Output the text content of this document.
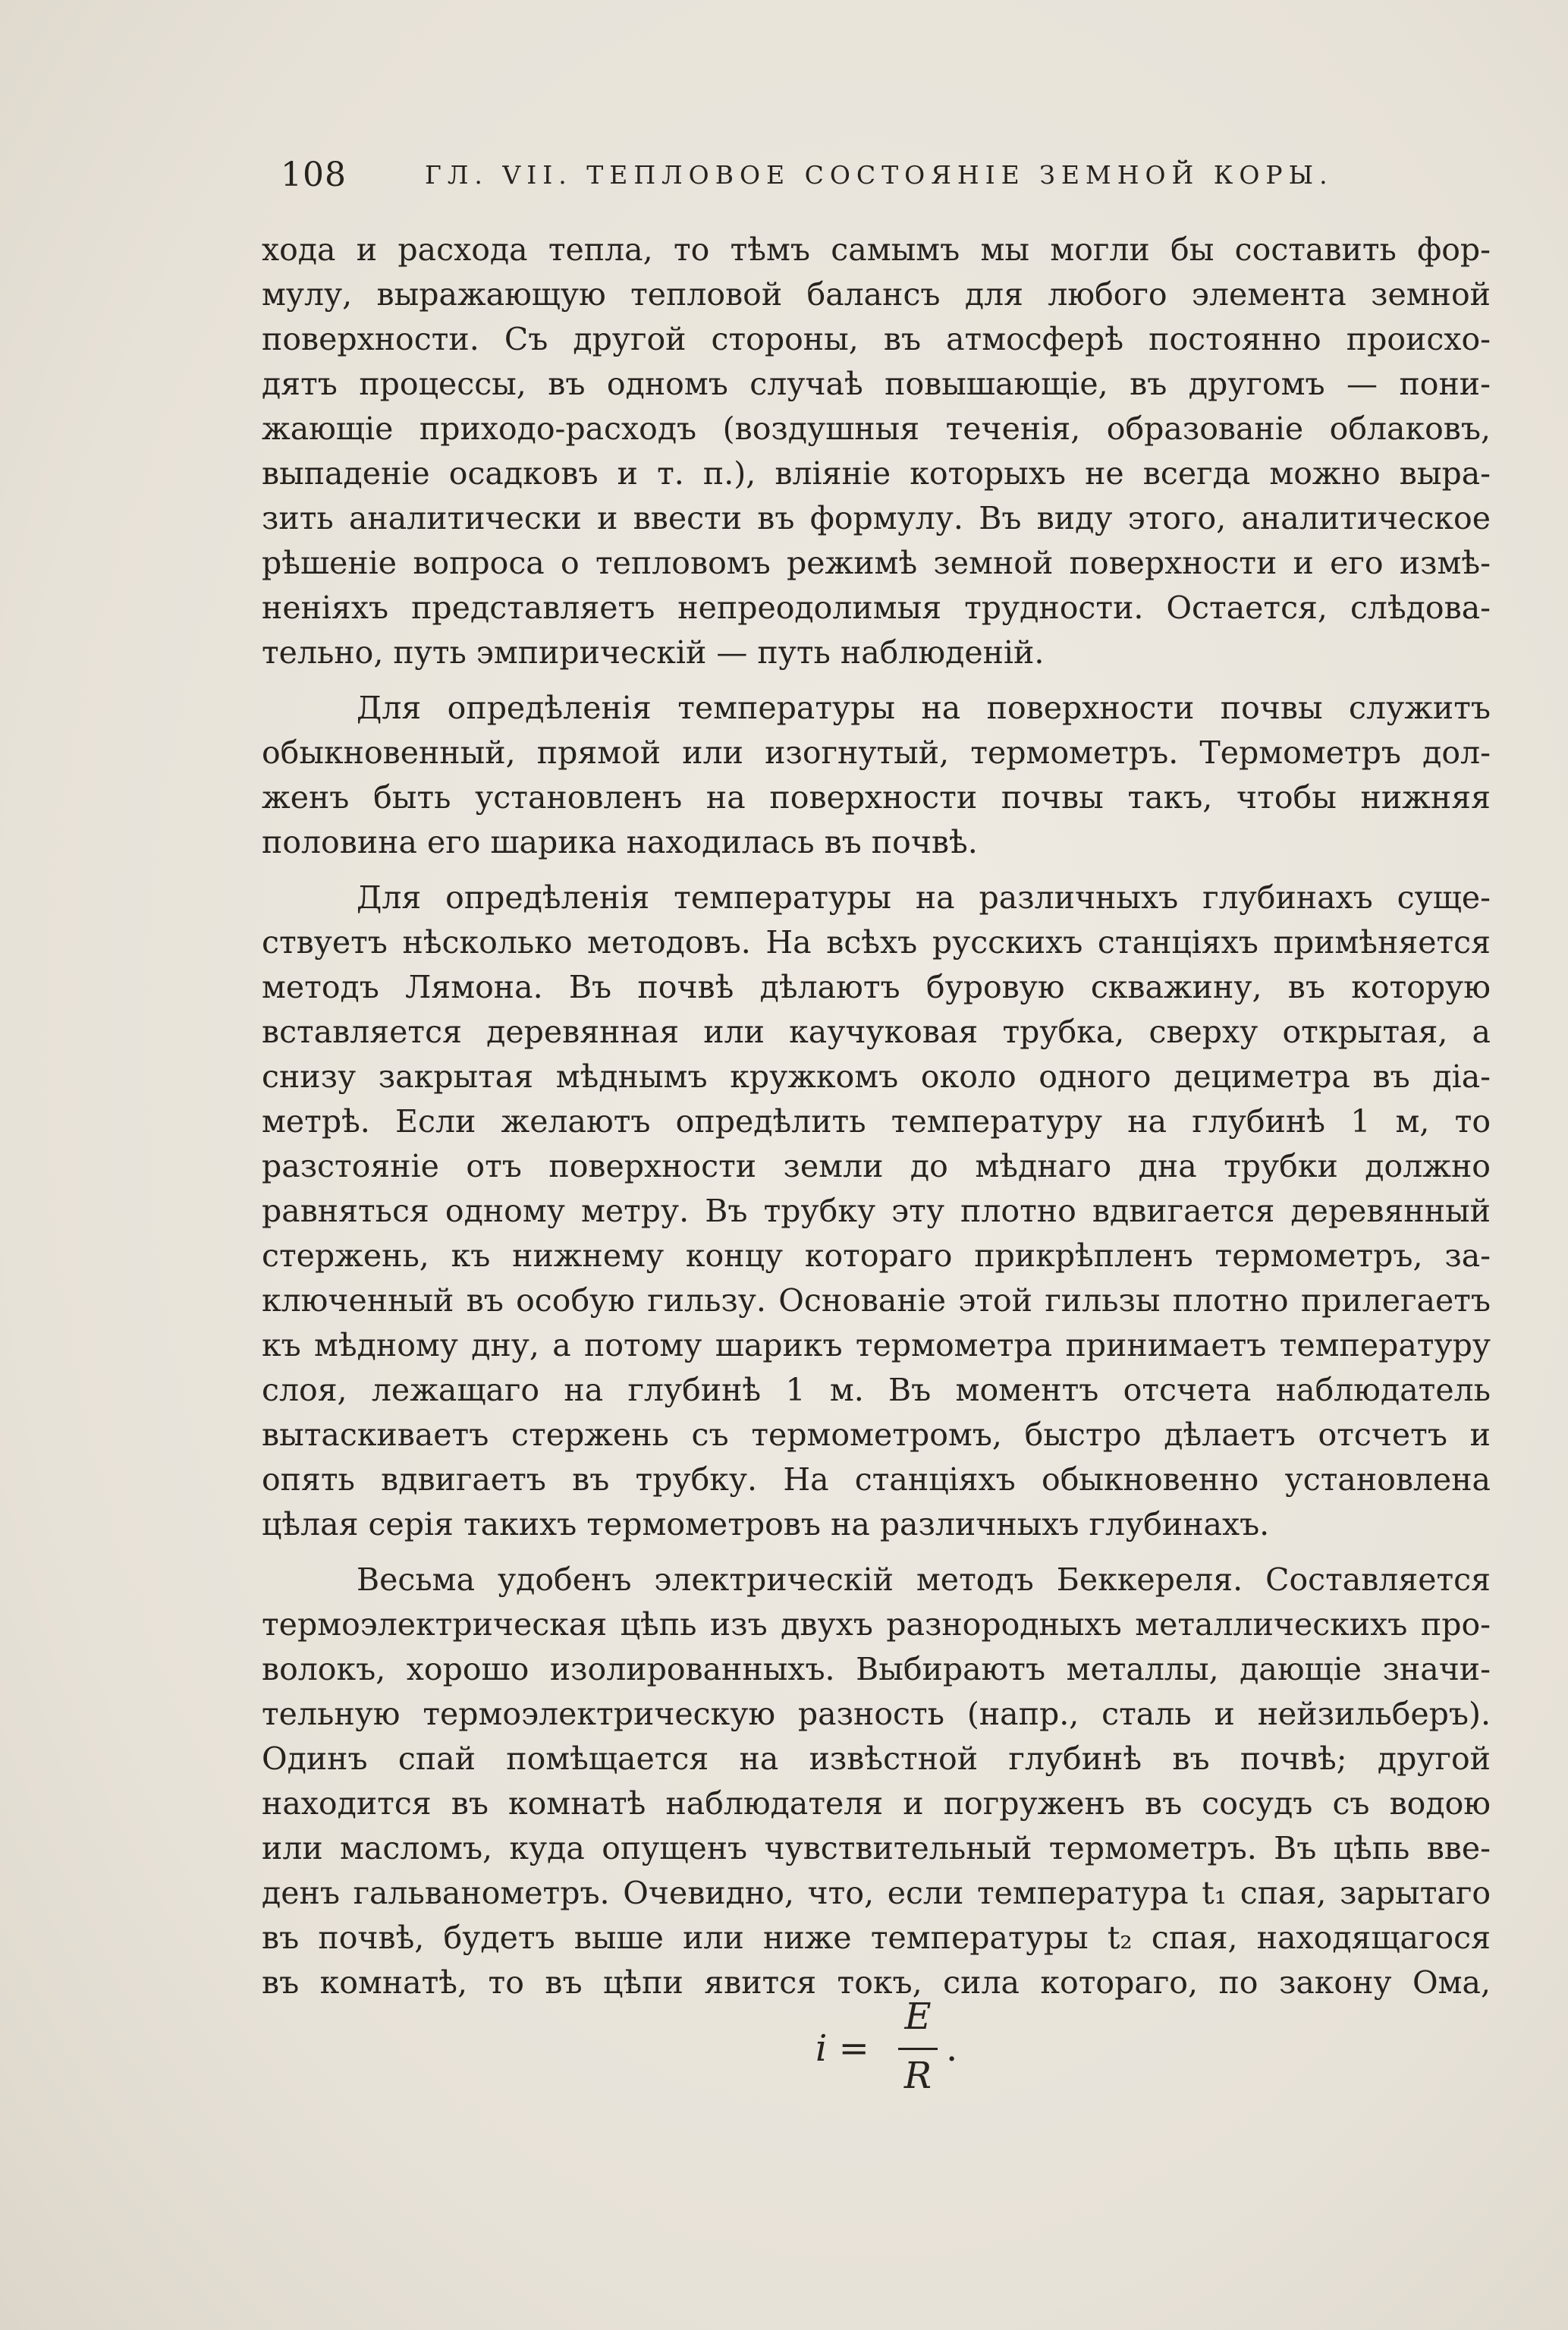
108	ГЛ. VII. ТЕПЛОВОЕ СОСТОЯНІЕ ЗЕМНОЙ КОРЫ.
хода и расхода тепла, то тѣмъ самымъ мы могли бы составить фор-
мулу, выражающую тепловой балансъ для любого элемента земной
поверхности. Съ другой стороны, въ атмосферѣ постоянно происхо-
дятъ процессы, въ одномъ случаѣ повышающіе, въ другомъ — пони-
жающіе приходо-расходъ (воздушныя теченія, образованіе облаковъ,
выпаденіе осадковъ и т. п.), вліяніе которыхъ не всегда можно выра-
зить аналитически и ввести въ формулу. Въ виду этого, аналитическое
рѣшеніе вопроса о тепловомъ режимѣ земной поверхности и его измѣ-
неніяхъ представляетъ непреодолимыя трудности. Остается, слѣдова-
тельно, путь эмпирическій — путь наблюденій.
Для опредѣленія температуры на поверхности почвы служитъ
обыкновенный, прямой или изогнутый, термометръ. Термометръ дол-
женъ быть установленъ на поверхности почвы такъ, чтобы нижняя
половина его шарика находилась въ почвѣ.
Для опредѣленія температуры на различныхъ глубинахъ суще-
ствуетъ нѣсколько методовъ. На всѣхъ русскихъ станціяхъ примѣняется
методъ Лямона. Въ почвѣ дѣлаютъ буровую скважину, въ которую
вставляется деревянная или каучуковая трубка, сверху открытая, а
снизу закрытая мѣднымъ кружкомъ около одного дециметра въ діа-
метрѣ. Если желаютъ опредѣлить температуру на глубинѣ 1 м, то
разстояніе отъ поверхности земли до мѣднаго дна трубки должно
равняться одному метру. Въ трубку эту плотно вдвигается деревянный
стержень, къ нижнему концу котораго прикрѣпленъ термометръ, за-
ключенный въ особую гильзу. Основаніе этой гильзы плотно прилегаетъ
къ мѣдному дну, а потому шарикъ термометра принимаетъ температуру
слоя, лежащаго на глубинѣ 1 м. Въ моментъ отсчета наблюдатель
вытаскиваетъ стержень съ термометромъ, быстро дѣлаетъ отсчетъ и
опять вдвигаетъ въ трубку. На станціяхъ обыкновенно установлена
цѣлая серія такихъ термометровъ на различныхъ глубинахъ.
Весьма удобенъ электрическій методъ Беккереля. Составляется
термоэлектрическая цѣпь изъ двухъ разнородныхъ металлическихъ про-
волокъ, хорошо изолированныхъ. Выбираютъ металлы, дающіе значи-
тельную термоэлектрическую разность (напр., сталь и нейзильберъ).
Одинъ спай помѣщается на извѣстной глубинѣ въ почвѣ; другой
находится въ комнатѣ наблюдателя и погруженъ въ сосудъ съ водою
или масломъ, куда опущенъ чувствительный термометръ. Въ цѣпь вве-
денъ гальванометръ. Очевидно, что, если температура t₁ спая, зарытаго
въ почвѣ, будетъ выше или ниже температуры t₂ спая, находящагося
въ комнатѣ, то въ цѣпи явится токъ, сила котораго, по закону Ома,
i =
E
R
.
